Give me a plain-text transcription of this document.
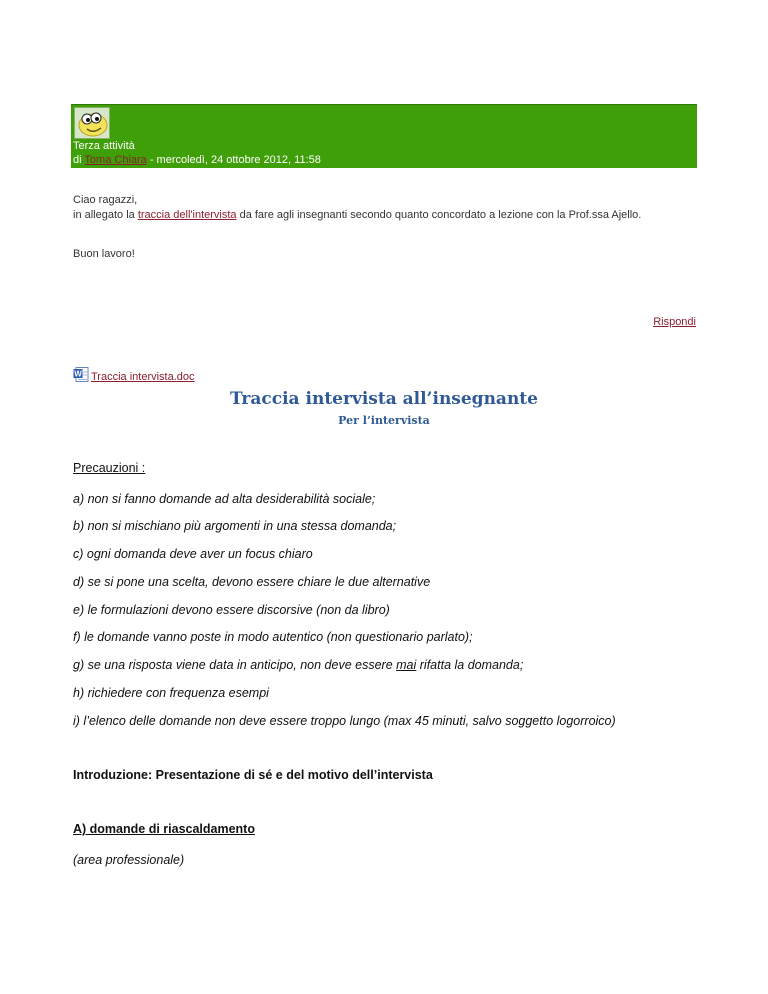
Terza attività
di Toma Chiara - mercoledì, 24 ottobre 2012, 11:58
Ciao ragazzi,
in allegato la traccia dell'intervista da fare agli insegnanti secondo quanto concordato a lezione con la Prof.ssa Ajello.
Buon lavoro!
Rispondi
W Traccia intervista.doc
Traccia intervista all’insegnante
Per l’intervista
Precauzioni :
a) non si fanno domande ad alta desiderabilità sociale;
b) non si mischiano più argomenti in una stessa domanda;
c) ogni domanda deve aver un focus chiaro
d) se si pone una scelta, devono essere chiare le due alternative
e) le formulazioni devono essere discorsive (non da libro)
f) le domande vanno poste in modo autentico (non questionario parlato);
g) se una risposta viene data in anticipo, non deve essere mai rifatta la domanda;
h) richiedere con frequenza esempi
i) l’elenco delle domande non deve essere troppo lungo (max 45 minuti, salvo soggetto logorroico)
Introduzione: Presentazione di sé e del motivo dell’intervista
A) domande di riascaldamento
(area professionale)
